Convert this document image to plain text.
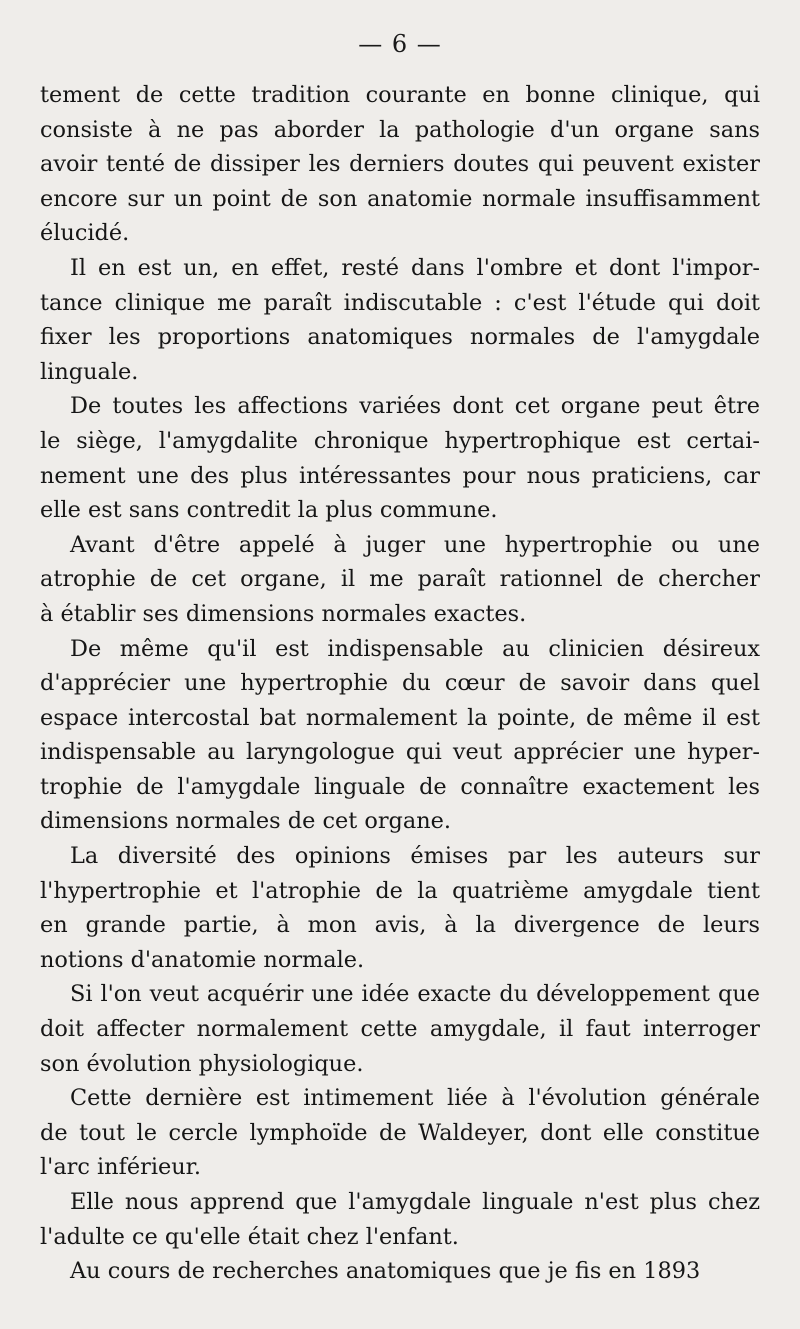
— 6 —
tement de cette tradition courante en bonne clinique, qui
consiste à ne pas aborder la pathologie d'un organe sans
avoir tenté de dissiper les derniers doutes qui peuvent exister
encore sur un point de son anatomie normale insuffisamment
élucidé.
Il en est un, en effet, resté dans l'ombre et dont l'impor-
tance clinique me paraît indiscutable : c'est l'étude qui doit
fixer les proportions anatomiques normales de l'amygdale
linguale.
De toutes les affections variées dont cet organe peut être
le siège, l'amygdalite chronique hypertrophique est certai-
nement une des plus intéressantes pour nous praticiens, car
elle est sans contredit la plus commune.
Avant d'être appelé à juger une hypertrophie ou une
atrophie de cet organe, il me paraît rationnel de chercher
à établir ses dimensions normales exactes.
De même qu'il est indispensable au clinicien désireux
d'apprécier une hypertrophie du cœur de savoir dans quel
espace intercostal bat normalement la pointe, de même il est
indispensable au laryngologue qui veut apprécier une hyper-
trophie de l'amygdale linguale de connaître exactement les
dimensions normales de cet organe.
La diversité des opinions émises par les auteurs sur
l'hypertrophie et l'atrophie de la quatrième amygdale tient
en grande partie, à mon avis, à la divergence de leurs
notions d'anatomie normale.
Si l'on veut acquérir une idée exacte du développement que
doit affecter normalement cette amygdale, il faut interroger
son évolution physiologique.
Cette dernière est intimement liée à l'évolution générale
de tout le cercle lymphoïde de Waldeyer, dont elle constitue
l'arc inférieur.
Elle nous apprend que l'amygdale linguale n'est plus chez
l'adulte ce qu'elle était chez l'enfant.
Au cours de recherches anatomiques que je fis en 1893
